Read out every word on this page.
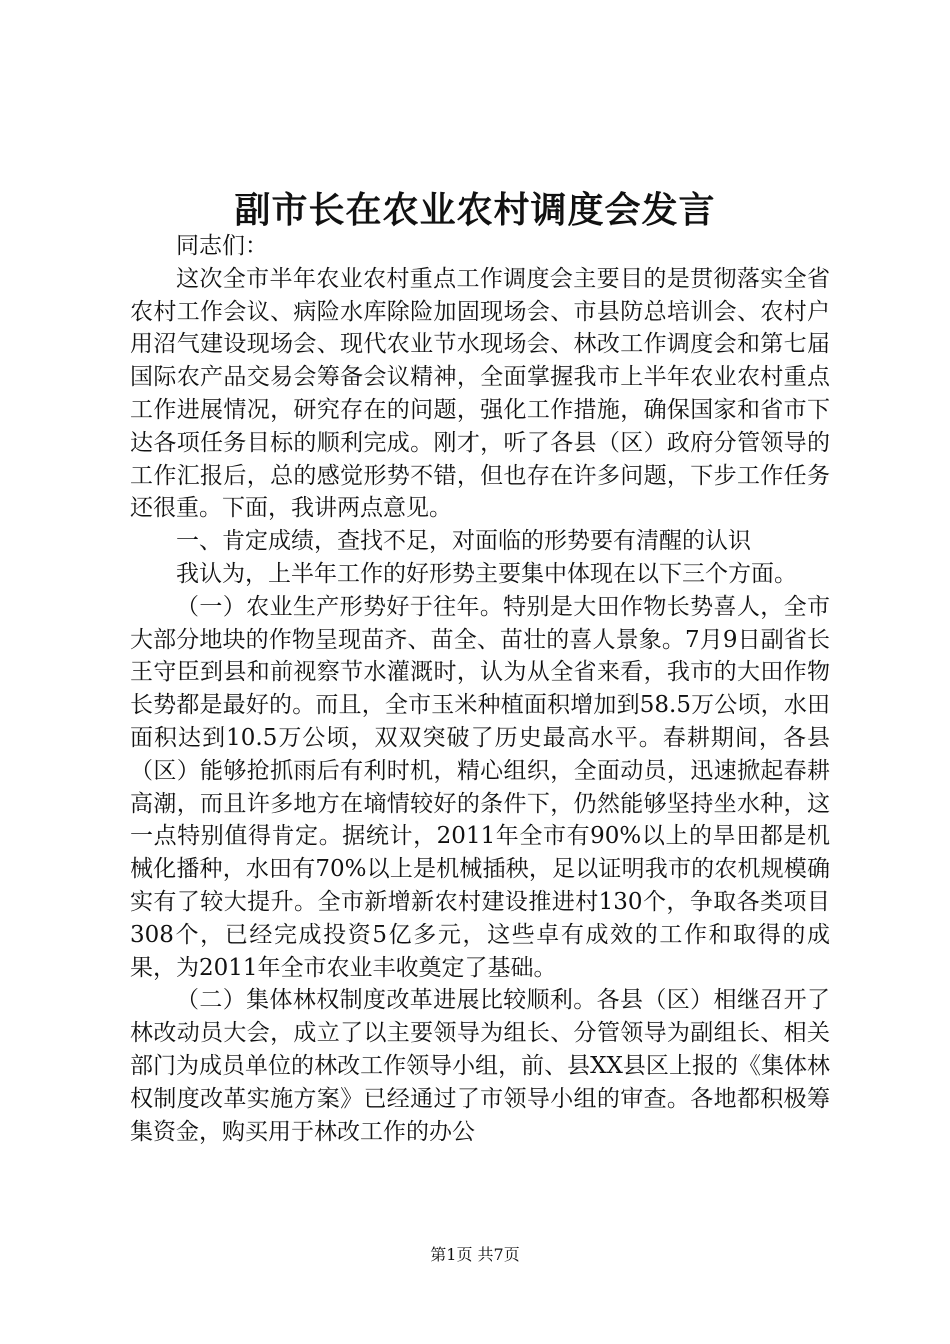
副市长在农业农村调度会发言

同志们：

这次全市半年农业农村重点工作调度会主要目的是贯彻落实全省农村工作会议、病险水库除险加固现场会、市县防总培训会、农村户用沼气建设现场会、现代农业节水现场会、林改工作调度会和第七届国际农产品交易会筹备会议精神，全面掌握我市上半年农业农村重点工作进展情况，研究存在的问题，强化工作措施，确保国家和省市下达各项任务目标的顺利完成。刚才，听了各县（区）政府分管领导的工作汇报后，总的感觉形势不错，但也存在许多问题，下步工作任务还很重。下面，我讲两点意见。

一、肯定成绩，查找不足，对面临的形势要有清醒的认识

我认为，上半年工作的好形势主要集中体现在以下三个方面。

（一）农业生产形势好于往年。特别是大田作物长势喜人，全市大部分地块的作物呈现苗齐、苗全、苗壮的喜人景象。7月9日副省长王守臣到县和前视察节水灌溉时，认为从全省来看，我市的大田作物长势都是最好的。而且，全市玉米种植面积增加到58.5万公顷，水田面积达到10.5万公顷，双双突破了历史最高水平。春耕期间，各县（区）能够抢抓雨后有利时机，精心组织，全面动员，迅速掀起春耕高潮，而且许多地方在墒情较好的条件下，仍然能够坚持坐水种，这一点特别值得肯定。据统计，2011年全市有90%以上的旱田都是机械化播种，水田有70%以上是机械插秧，足以证明我市的农机规模确实有了较大提升。全市新增新农村建设推进村130个，争取各类项目308个，已经完成投资5亿多元，这些卓有成效的工作和取得的成果，为2011年全市农业丰收奠定了基础。

（二）集体林权制度改革进展比较顺利。各县（区）相继召开了林改动员大会，成立了以主要领导为组长、分管领导为副组长、相关部门为成员单位的林改工作领导小组，前、县XX县区上报的《集体林权制度改革实施方案》已经通过了市领导小组的审查。各地都积极筹集资金，购买用于林改工作的办公

第1页 共7页
